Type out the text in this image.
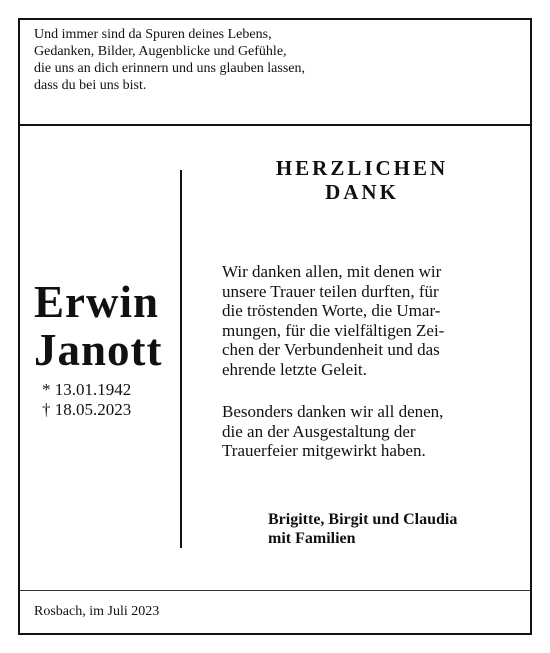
Und immer sind da Spuren deines Lebens,
Gedanken, Bilder, Augenblicke und Gefühle,
die uns an dich erinnern und uns glauben lassen,
dass du bei uns bist.
Erwin
Janott
* 13.01.1942
† 18.05.2023
HERZLICHEN
DANK
Wir danken allen, mit denen wir
unsere Trauer teilen durften, für
die tröstenden Worte, die Umar-
mungen, für die vielfältigen Zei-
chen der Verbundenheit und das
ehrende letzte Geleit.
Besonders danken wir all denen,
die an der Ausgestaltung der
Trauerfeier mitgewirkt haben.
Brigitte, Birgit und Claudia
mit Familien
Rosbach, im Juli 2023
